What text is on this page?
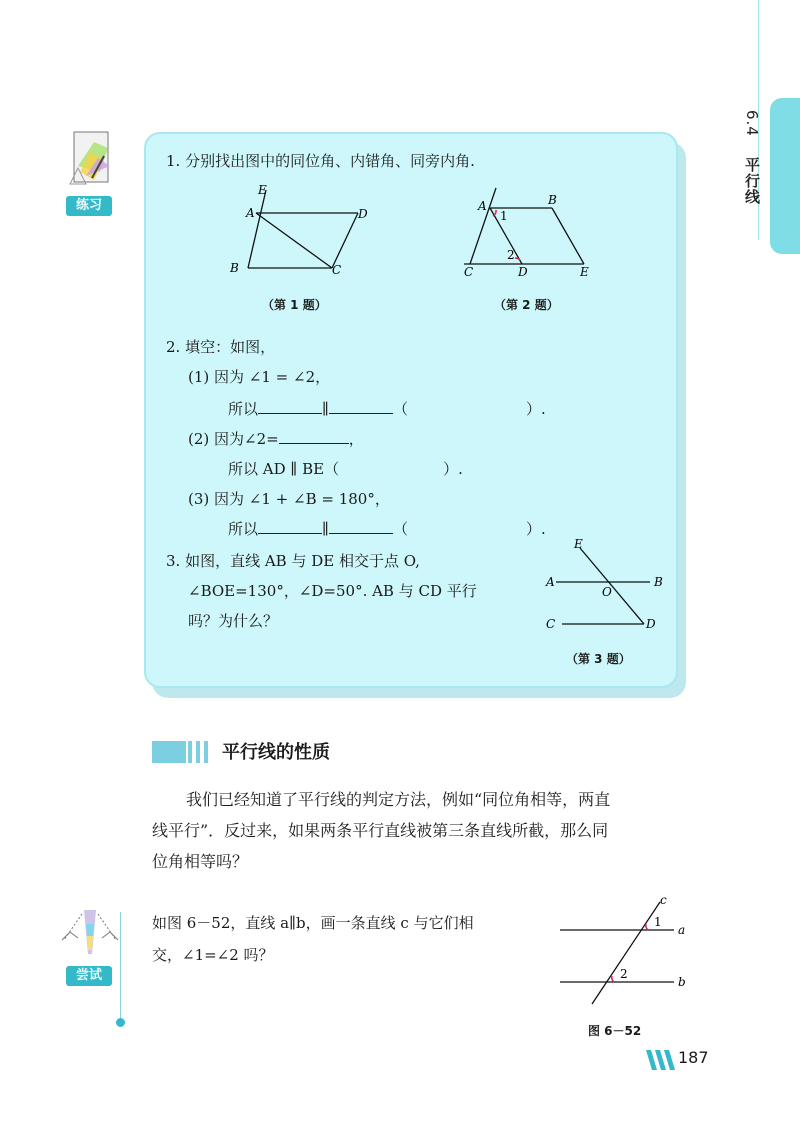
6.4 平行线
练习
1. 分别找出图中的同位角、内错角、同旁内角.
E
A	D
B	C
（第 1 题）
A	B
1
2
C	D	E
（第 2 题）
2. 填空：如图，
(1) 因为 ∠1 = ∠2，
所以	∥	（	）.
(2) 因为∠2=	，
所以 AD ∥ BE（	）.
(3) 因为 ∠1 + ∠B = 180°，
所以	∥	（	）.
3. 如图，直线 AB 与 DE 相交于点 O,
∠BOE=130°，∠D=50°. AB 与 CD 平行
吗？为什么？
E
A	B
O
C	D
（第 3 题）
平行线的性质
我们已经知道了平行线的判定方法，例如“同位角相等，两直
线平行”．反过来，如果两条平行直线被第三条直线所截，那么同
位角相等吗？
尝试
如图 6－52，直线 a∥b，画一条直线 c 与它们相
交，∠1=∠2 吗？
c
1
a
2
b
图 6－52
187
